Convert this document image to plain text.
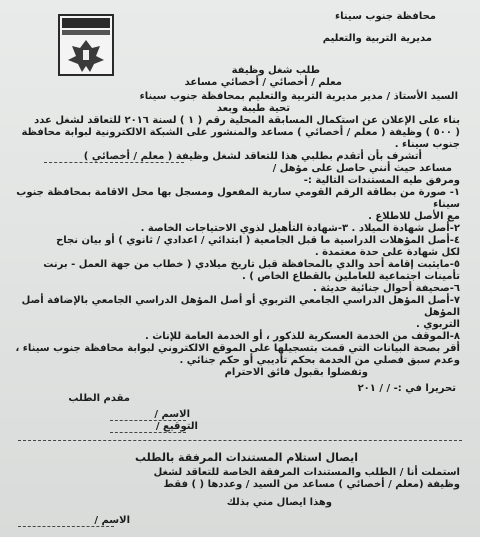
محافظة جنوب سيناء
مديرية التربية والتعليم
طلب شغل وظيفة
معلم / أخصائي / أخصائي مساعد
السيد الأستاذ / مدير مديرية التربية والتعليم بمحافظة جنوب سيناء
تحية طيبة وبعد
بناء على الإعلان عن استكمال المسابقة المحلية رقم ( ١ ) لسنة ٢٠١٦ للتعاقد لشغل عدد
( ٥٠٠ ) وظيفة ( معلم / أخصائي ) مساعد والمنشور على الشبكة الالكترونية لبوابة محافظة
جنوب سيناء .
أتشرف بأن أتقدم بطلبي هذا للتعاقد لشغل وظيفة ( معلم / أخصائي )
مساعد حيث أنني حاصل على مؤهل /
ومرفق طيه المستندات التالية :-
١- صورة من بطاقة الرقم القومي سارية المفعول ومسجل بها محل الاقامة بمحافظة جنوب
سيناء
مع الأصل للاطلاع .
٢-أصل شهادة الميلاد . ٣-شهادة التأهيل لذوي الاحتياجات الخاصة .
٤-أصل المؤهلات الدراسية ما قبل الجامعية ( ابتدائي / اعدادي / ثانوي ) أو بيان نجاح
لكل شهادة على حدة معتمدة .
٥-مايثبت إقامة أحد والدي بالمحافظة قبل تاريخ ميلادي ( خطاب من جهة العمل - برنت
تأمينات اجتماعية للعاملين بالقطاع الخاص ) .
٦-صحيفة أحوال جنائية حديثة .
٧-أصل المؤهل الدراسي الجامعي التربوي أو أصل المؤهل الدراسي الجامعي بالإضافة أصل
المؤهل
التربوي .
٨-الموقف من الخدمة العسكرية للذكور ، أو الخدمة العامة للإناث .
أقر بصحة البيانات التي قمت بتسجيلها على الموقع الالكتروني لبوابة محافظة جنوب سيناء ،
وعدم سبق فصلي من الخدمة بحكم تأديبي أو حكم جنائي .
وتفضلوا بقبول فائق الاحترام
تحريرا في :- / / ٢٠١
مقدم الطلب
الاسم /
التوقيع /
ايصال استلام المستندات المرفقة بالطلب
استملت أنا / الطلب والمستندات المرفقة الخاصة للتعاقد لشغل
وظيفة (معلم / أخصائي ) مساعد من السيد / وعددها ( ) فقط
وهذا ايصال مني بذلك
الاسم /
